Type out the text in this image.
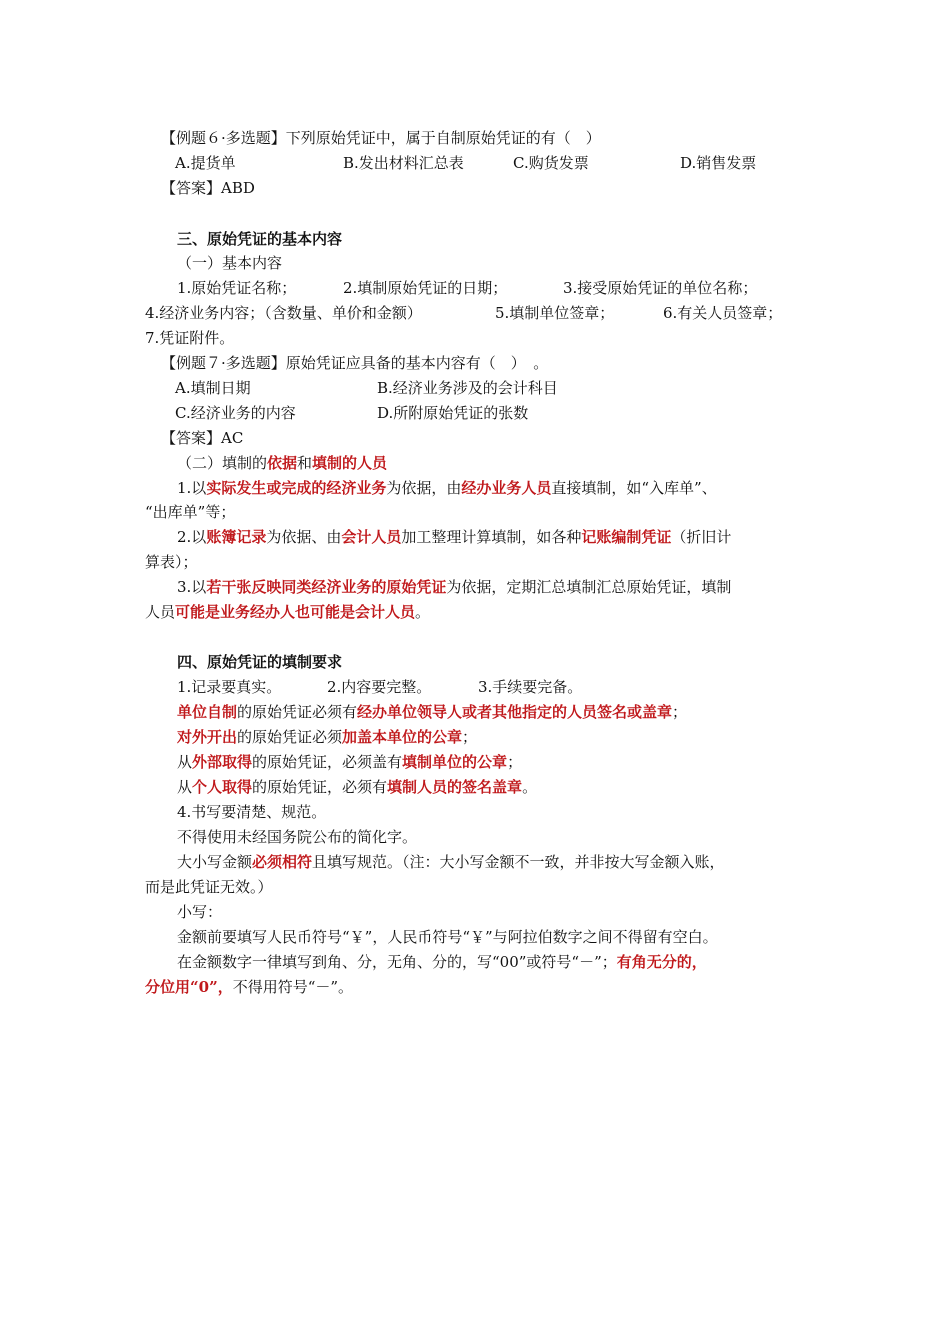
【例题６·多选题】下列原始凭证中，属于自制原始凭证的有（　）
A.提货单	B.发出材料汇总表	C.购货发票	D.销售发票
【答案】ABD
三、原始凭证的基本内容
（一）基本内容
1.原始凭证名称；	2.填制原始凭证的日期；	3.接受原始凭证的单位名称；
4.经济业务内容；（含数量、单价和金额）	5.填制单位签章；	6.有关人员签章；
7.凭证附件。
【例题７·多选题】原始凭证应具备的基本内容有（　）　。
A.填制日期	B.经济业务涉及的会计科目
C.经济业务的内容	D.所附原始凭证的张数
【答案】AC
（二）填制的依据和填制的人员
1.以实际发生或完成的经济业务为依据，由经办业务人员直接填制，如“入库单”、
“出库单”等；
2.以账簿记录为依据、由会计人员加工整理计算填制，如各种记账编制凭证（折旧计
算表）；
3.以若干张反映同类经济业务的原始凭证为依据，定期汇总填制汇总原始凭证，填制
人员可能是业务经办人也可能是会计人员。
四、原始凭证的填制要求
1.记录要真实。	2.内容要完整。	3.手续要完备。
单位自制的原始凭证必须有经办单位领导人或者其他指定的人员签名或盖章；
对外开出的原始凭证必须加盖本单位的公章；
从外部取得的原始凭证，必须盖有填制单位的公章；
从个人取得的原始凭证，必须有填制人员的签名盖章。
4.书写要清楚、规范。
不得使用未经国务院公布的简化字。
大小写金额必须相符且填写规范。（注：大小写金额不一致，并非按大写金额入账，
而是此凭证无效。）
小写：
金额前要填写人民币符号“￥”，人民币符号“￥”与阿拉伯数字之间不得留有空白。
在金额数字一律填写到角、分，无角、分的，写“00”或符号“－”；有角无分的，
分位用“0”，不得用符号“－”。
